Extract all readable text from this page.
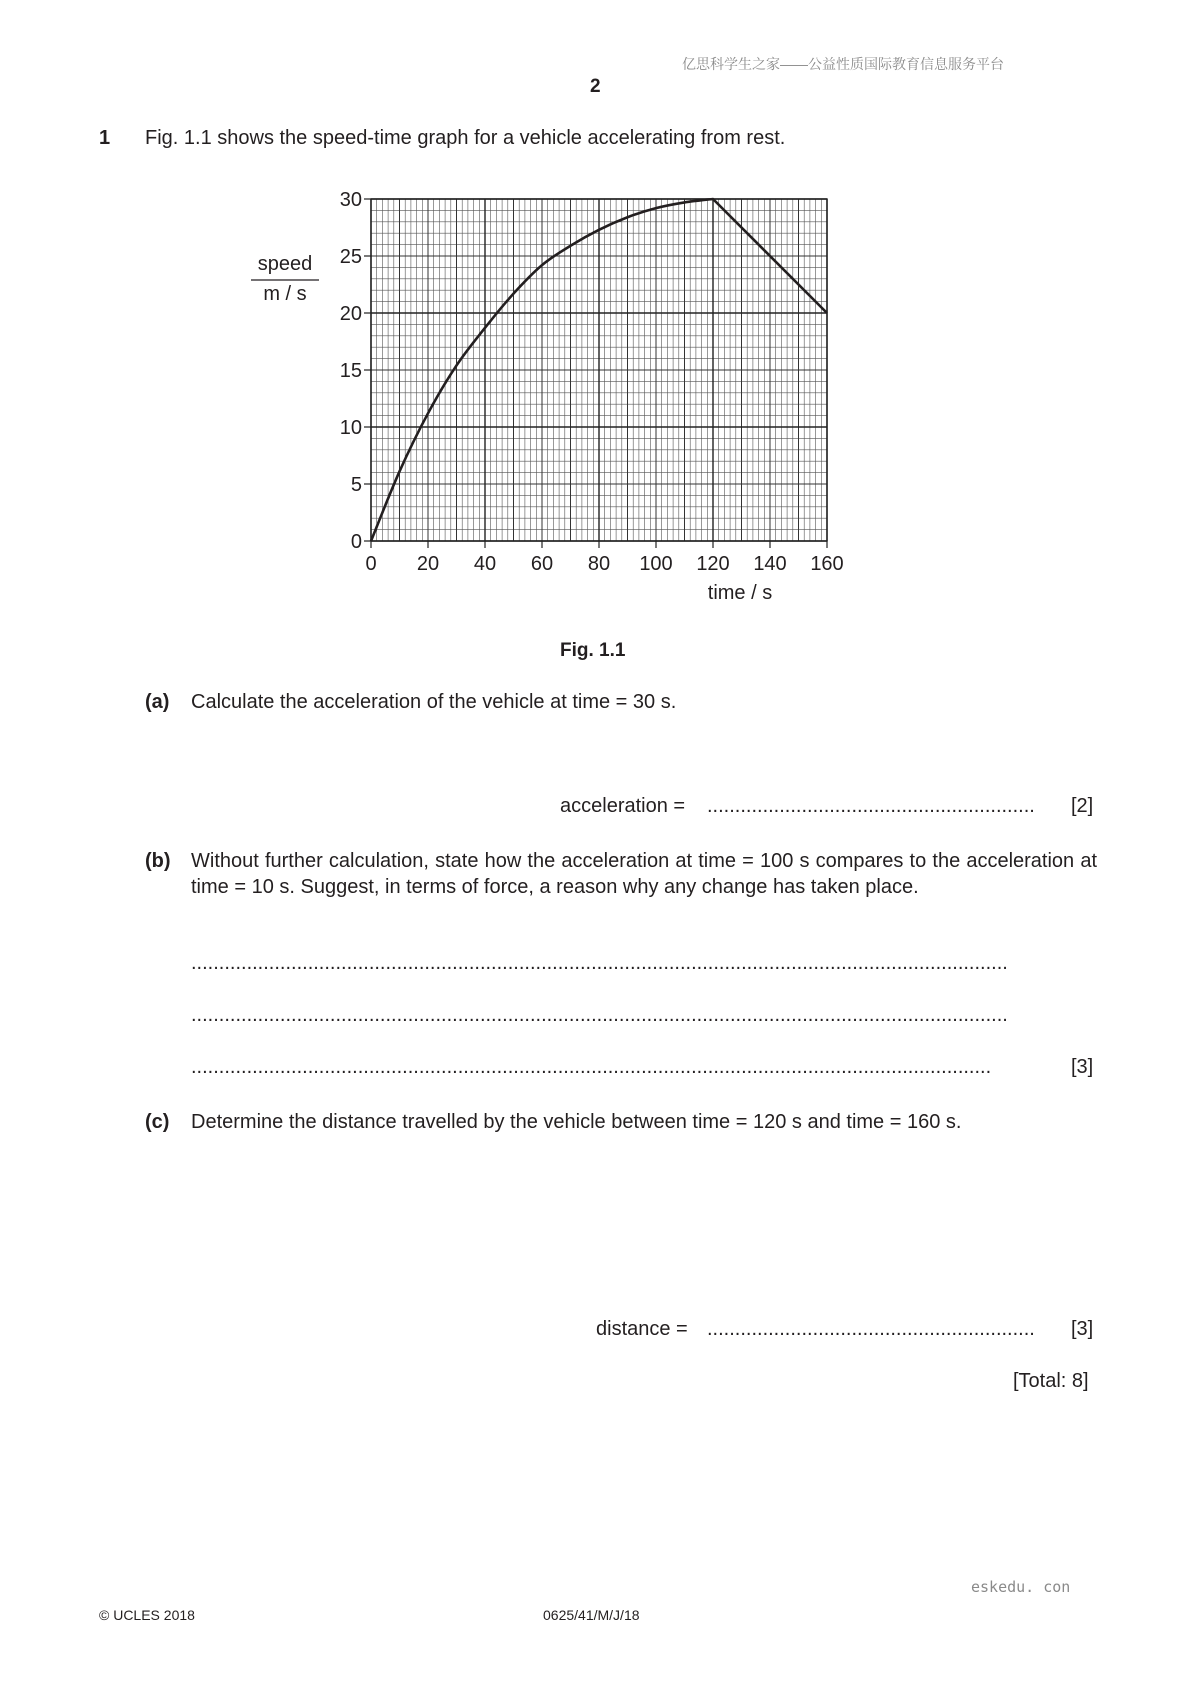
亿思科学生之家——公益性质国际教育信息服务平台
2
1 Fig. 1.1 shows the speed-time graph for a vehicle accelerating from rest.
0 20 40 60 80 100 120 140 160
0
5
10
15
20
25
30
speed
m / s
time / s
Fig. 1.1
(a) Calculate the acceleration of the vehicle at time = 30 s.
acceleration = ........................................................... [2]
(b) Without further calculation, state how the acceleration at time = 100 s compares to the acceleration at time = 10 s. Suggest, in terms of force, a reason why any change has taken place.
...................................................................................................................................................
...................................................................................................................................................
................................................................................................................................................	[3]
(c) Determine the distance travelled by the vehicle between time = 120 s and time = 160 s.
distance = ........................................................... [3]
[Total: 8]
eskedu. con
© UCLES 2018	0625/41/M/J/18
